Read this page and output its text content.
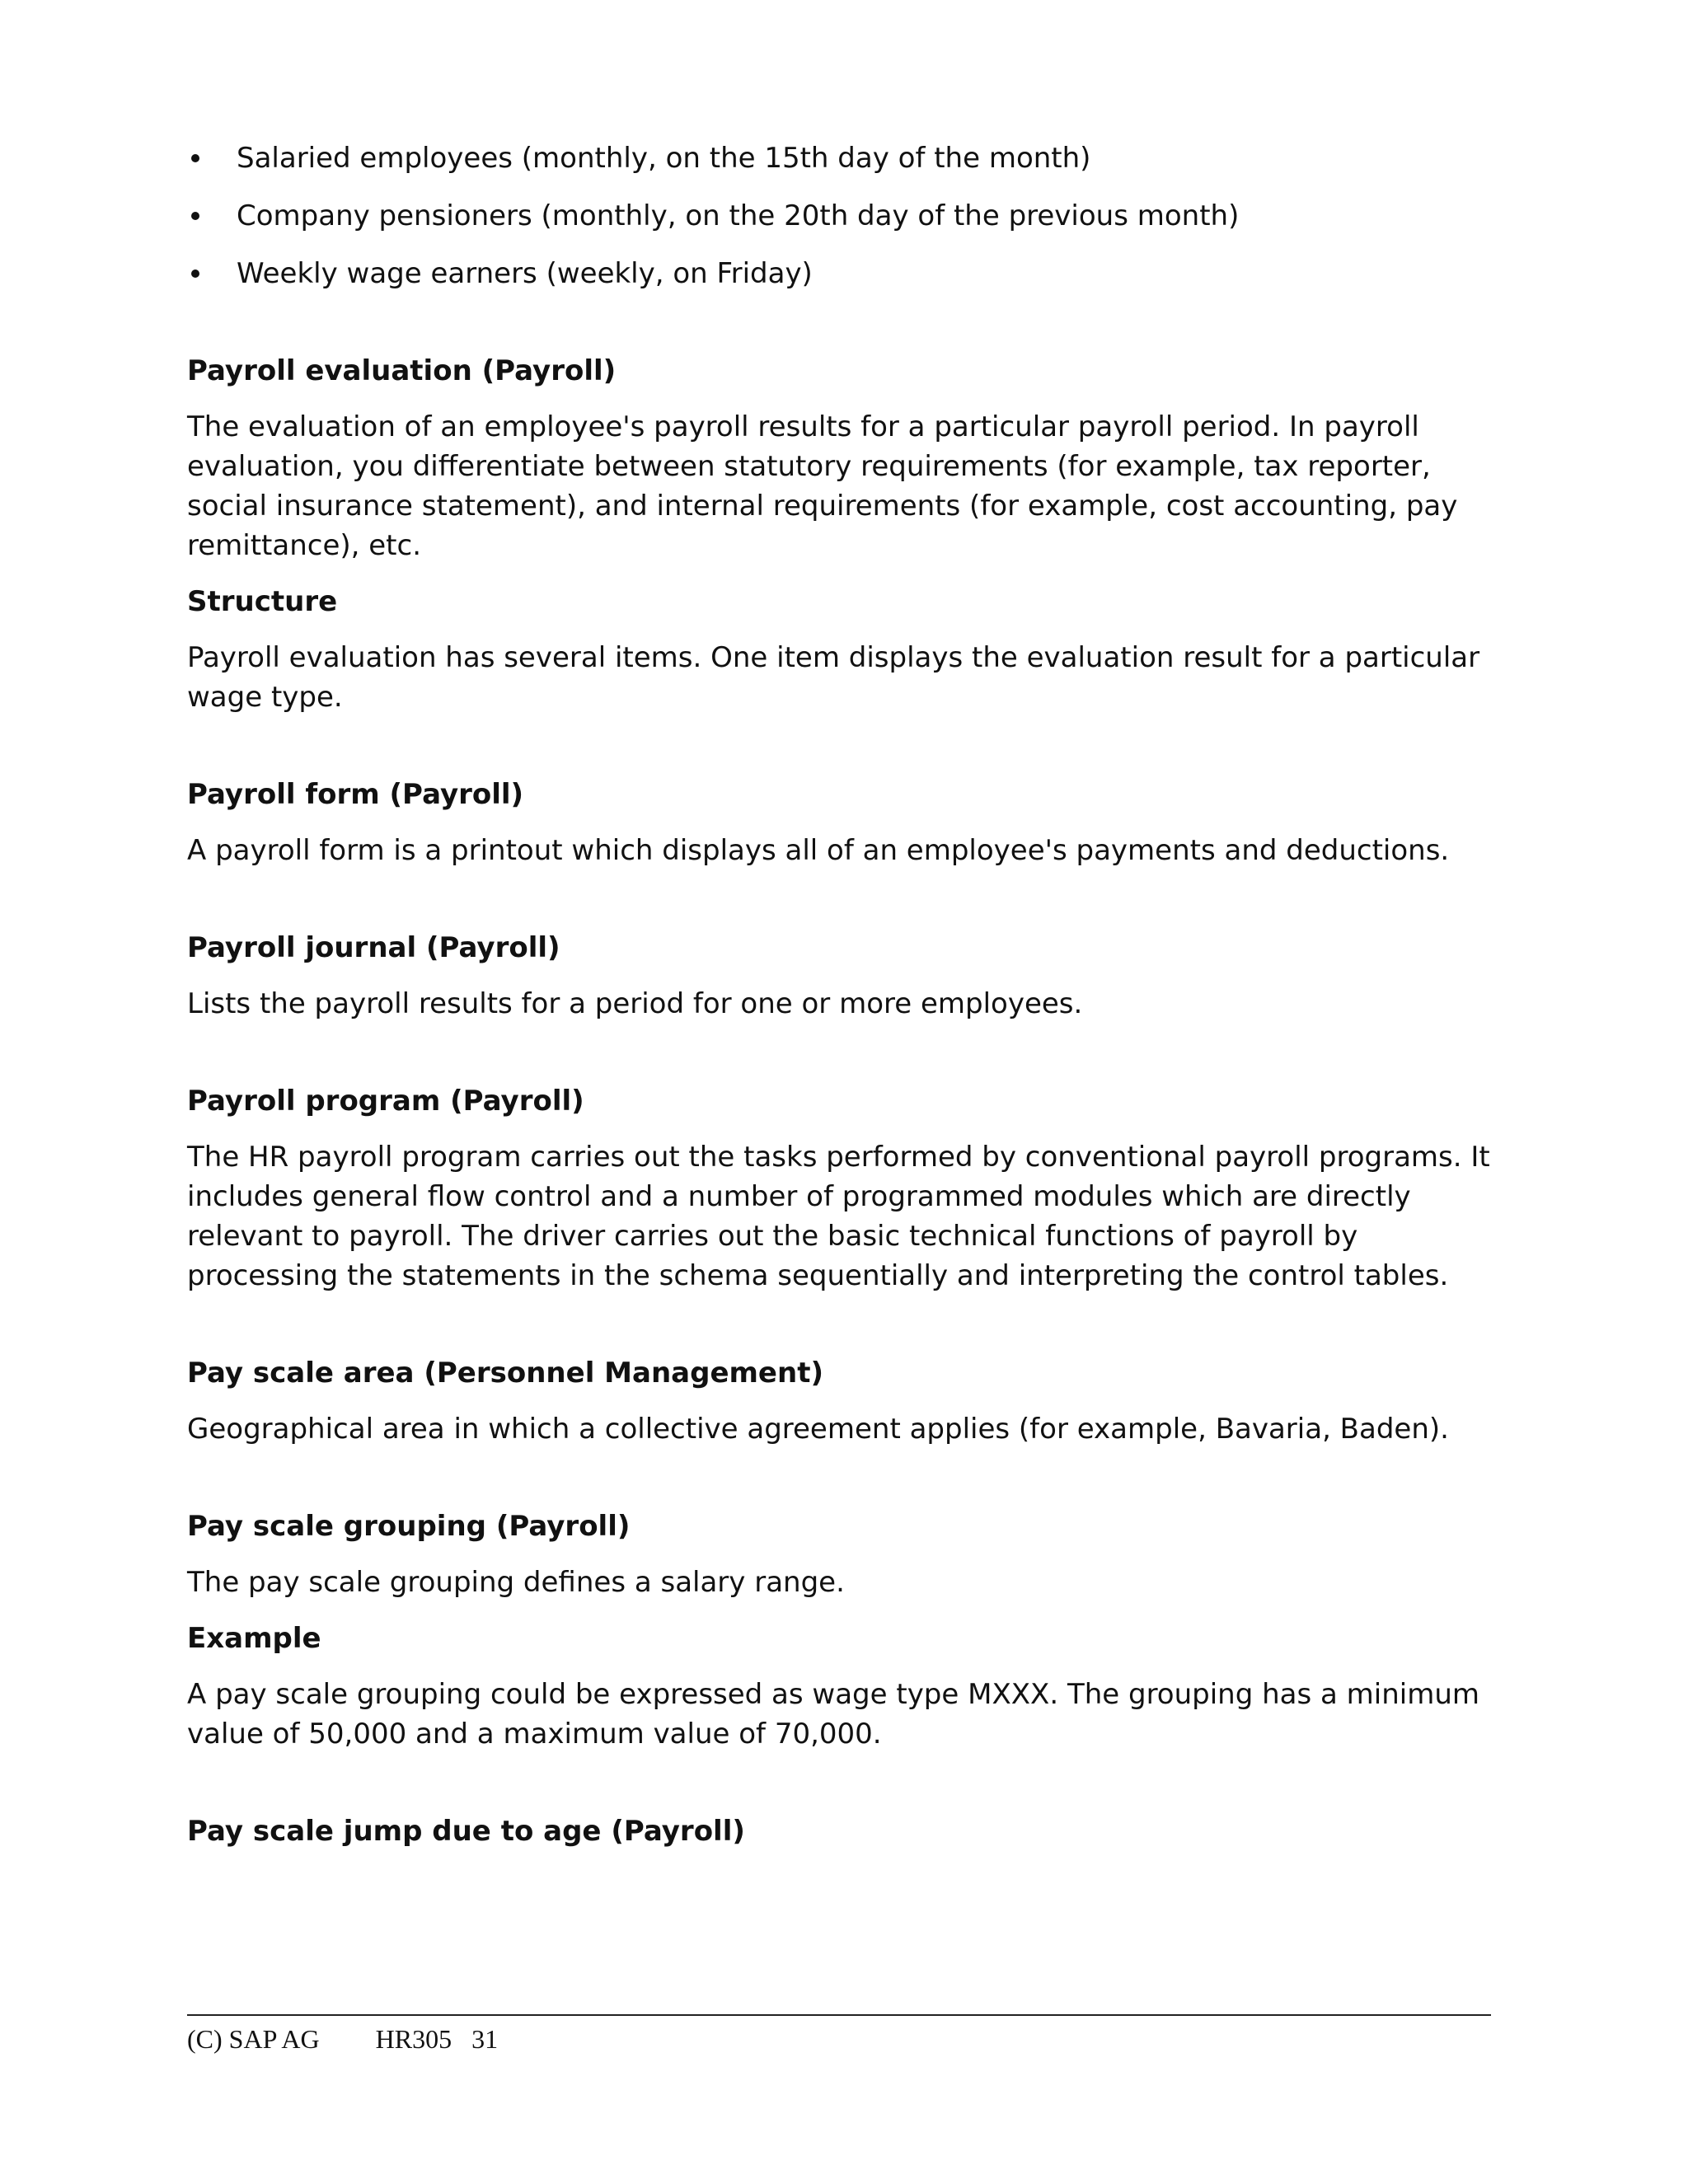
Salaried employees (monthly, on the 15th day of the month)
Company pensioners (monthly, on the 20th day of the previous month)
Weekly wage earners (weekly, on Friday)
Payroll evaluation (Payroll)

The evaluation of an employee's payroll results for a particular payroll period. In payroll evaluation, you differentiate between statutory requirements (for example, tax reporter, social insurance statement), and internal requirements (for example, cost accounting, pay remittance), etc.

Structure

Payroll evaluation has several items. One item displays the evaluation result for a particular wage type.

Payroll form (Payroll)

A payroll form is a printout which displays all of an employee's payments and deductions.

Payroll journal (Payroll)

Lists the payroll results for a period for one or more employees.

Payroll program (Payroll)

The HR payroll program carries out the tasks performed by conventional payroll programs. It includes general flow control and a number of programmed modules which are directly relevant to payroll. The driver carries out the basic technical functions of payroll by processing the statements in the schema sequentially and interpreting the control tables.

Pay scale area (Personnel Management)

Geographical area in which a collective agreement applies (for example, Bavaria, Baden).

Pay scale grouping (Payroll)

The pay scale grouping defines a salary range.

Example

A pay scale grouping could be expressed as wage type MXXX. The grouping has a minimum value of 50,000 and a maximum value of 70,000.

Pay scale jump due to age (Payroll)
(C) SAP AG HR305 31
